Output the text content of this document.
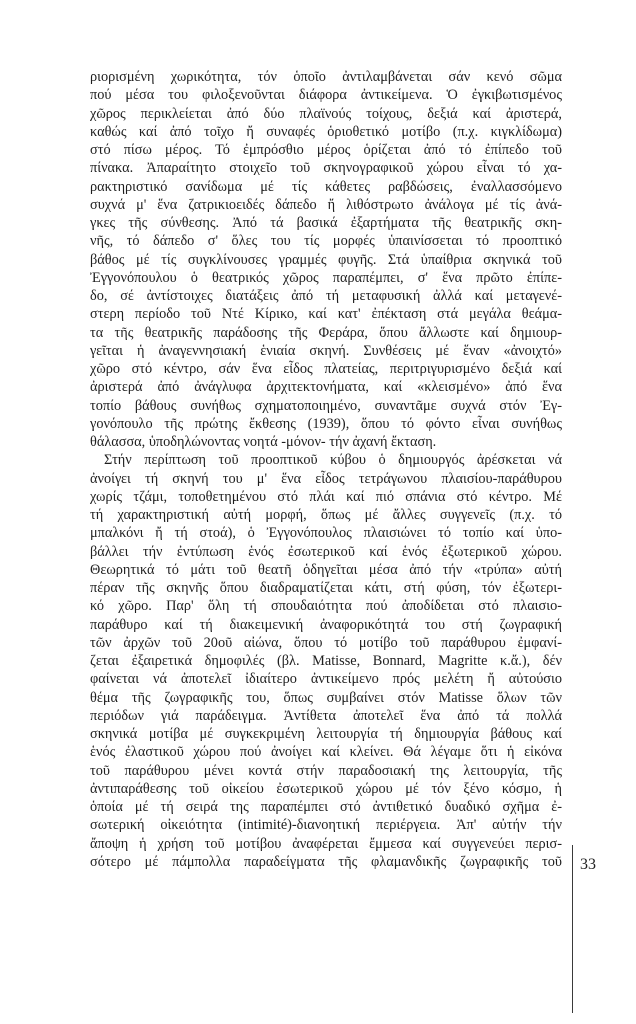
ριορισμένη χωρικότητα, τόν ὁποῖο ἀντιλαμβάνεται σάν κενό σῶμα
πού μέσα του φιλοξενοῦνται διάφορα ἀντικείμενα. Ὁ ἐγκιβωτισμένος
χῶρος περικλείεται ἀπό δύο πλαϊνούς τοίχους, δεξιά καί ἀριστερά,
καθώς καί ἀπό τοῖχο ἤ συναφές ὁριοθετικό μοτίβο (π.χ. κιγκλίδωμα)
στό πίσω μέρος. Τό ἐμπρόσθιο μέρος ὁρίζεται ἀπό τό ἐπίπεδο τοῦ
πίνακα. Ἀπαραίτητο στοιχεῖο τοῦ σκηνογραφικοῦ χώρου εἶναι τό χα-
ρακτηριστικό σανίδωμα μέ τίς κάθετες ραβδώσεις, ἐναλλασσόμενο
συχνά μ' ἕνα ζατρικιοειδές δάπεδο ἤ λιθόστρωτο ἀνάλογα μέ τίς ἀνά-
γκες τῆς σύνθεσης. Ἀπό τά βασικά ἐξαρτήματα τῆς θεατρικῆς σκη-
νῆς, τό δάπεδο σ' ὅλες του τίς μορφές ὑπαινίσσεται τό προοπτικό
βάθος μέ τίς συγκλίνουσες γραμμές φυγῆς. Στά ὑπαίθρια σκηνικά τοῦ
Ἐγγονόπουλου ὁ θεατρικός χῶρος παραπέμπει, σ' ἕνα πρῶτο ἐπίπε-
δο, σέ ἀντίστοιχες διατάξεις ἀπό τή μεταφυσική ἀλλά καί μεταγενέ-
στερη περίοδο τοῦ Ντέ Κίρικο, καί κατ' ἐπέκταση στά μεγάλα θεάμα-
τα τῆς θεατρικῆς παράδοσης τῆς Φεράρα, ὅπου ἄλλωστε καί δημιουρ-
γεῖται ἡ ἀναγεννησιακή ἑνιαία σκηνή. Συνθέσεις μέ ἕναν «ἀνοιχτό»
χῶρο στό κέντρο, σάν ἕνα εἶδος πλατείας, περιτριγυρισμένο δεξιά καί
ἀριστερά ἀπό ἀνάγλυφα ἀρχιτεκτονήματα, καί «κλεισμένο» ἀπό ἕνα
τοπίο βάθους συνήθως σχηματοποιημένο, συναντᾶμε συχνά στόν Ἐγ-
γονόπουλο τῆς πρώτης ἔκθεσης (1939), ὅπου τό φόντο εἶναι συνήθως
θάλασσα, ὑποδηλώνοντας νοητά -μόνον- τήν ἀχανή ἔκταση.
Στήν περίπτωση τοῦ προοπτικοῦ κύβου ὁ δημιουργός ἀρέσκεται νά
ἀνοίγει τή σκηνή του μ' ἕνα εἶδος τετράγωνου πλαισίου-παράθυρου
χωρίς τζάμι, τοποθετημένου στό πλάι καί πιό σπάνια στό κέντρο. Μέ
τή χαρακτηριστική αὐτή μορφή, ὅπως μέ ἄλλες συγγενεῖς (π.χ. τό
μπαλκόνι ἤ τή στοά), ὁ Ἐγγονόπουλος πλαισιώνει τό τοπίο καί ὑπο-
βάλλει τήν ἐντύπωση ἑνός ἐσωτερικοῦ καί ἑνός ἐξωτερικοῦ χώρου.
Θεωρητικά τό μάτι τοῦ θεατῆ ὁδηγεῖται μέσα ἀπό τήν «τρύπα» αὐτή
πέραν τῆς σκηνῆς ὅπου διαδραματίζεται κάτι, στή φύση, τόν ἐξωτερι-
κό χῶρο. Παρ' ὅλη τή σπουδαιότητα πού ἀποδίδεται στό πλαισιο-
παράθυρο καί τή διακειμενική ἀναφορικότητά του στή ζωγραφική
τῶν ἀρχῶν τοῦ 20οῦ αἰώνα, ὅπου τό μοτίβο τοῦ παράθυρου ἐμφανί-
ζεται ἐξαιρετικά δημοφιλές (βλ. Matisse, Bonnard, Magritte κ.ἄ.), δέν
φαίνεται νά ἀποτελεῖ ἰδιαίτερο ἀντικείμενο πρός μελέτη ἤ αὐτούσιο
θέμα τῆς ζωγραφικῆς του, ὅπως συμβαίνει στόν Matisse ὅλων τῶν
περιόδων γιά παράδειγμα. Ἀντίθετα ἀποτελεῖ ἕνα ἀπό τά πολλά
σκηνικά μοτίβα μέ συγκεκριμένη λειτουργία τή δημιουργία βάθους καί
ἑνός ἐλαστικοῦ χώρου πού ἀνοίγει καί κλείνει. Θά λέγαμε ὅτι ἡ εἰκόνα
τοῦ παράθυρου μένει κοντά στήν παραδοσιακή της λειτουργία, τῆς
ἀντιπαράθεσης τοῦ οἰκείου ἐσωτερικοῦ χώρου μέ τόν ξένο κόσμο, ἡ
ὁποία μέ τή σειρά της παραπέμπει στό ἀντιθετικό δυαδικό σχῆμα ἐ-
σωτερική οἰκειότητα (intimité)-διανοητική περιέργεια. Ἀπ' αὐτήν τήν
ἄποψη ἡ χρήση τοῦ μοτίβου ἀναφέρεται ἔμμεσα καί συγγενεύει περισ-
σότερο μέ πάμπολλα παραδείγματα τῆς φλαμανδικῆς ζωγραφικῆς τοῦ 33
